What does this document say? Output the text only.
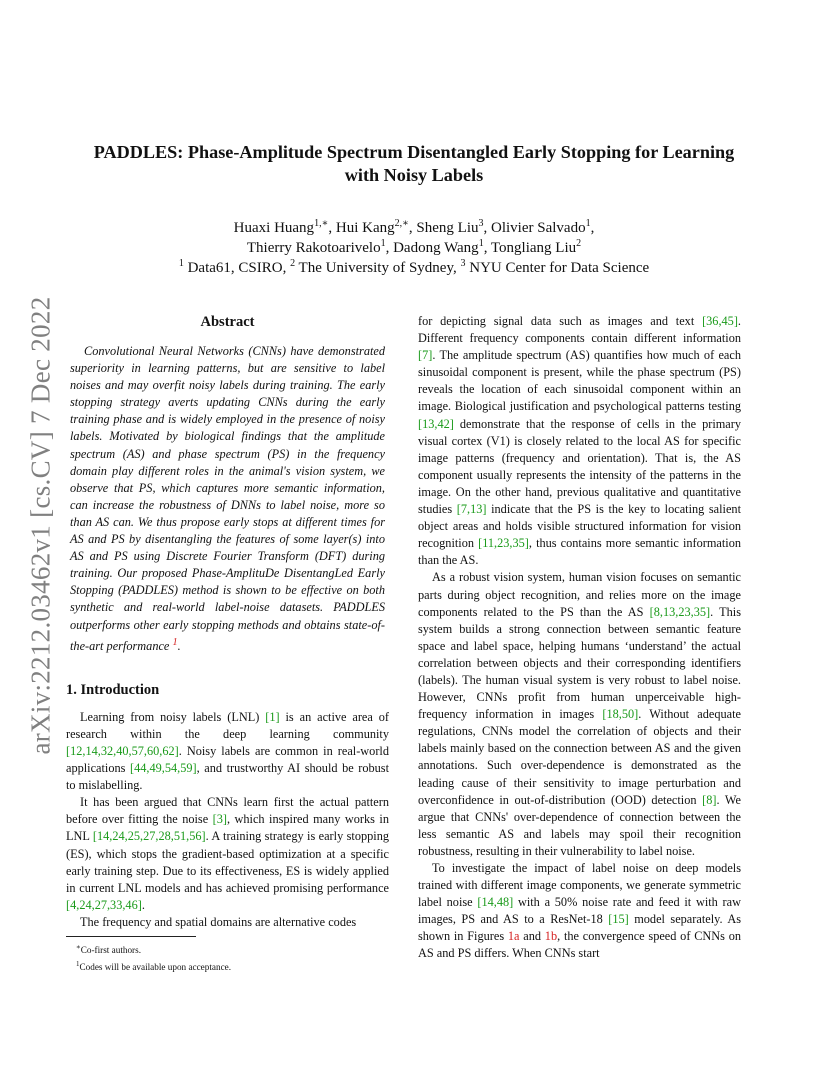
arXiv:2212.03462v1 [cs.CV] 7 Dec 2022
PADDLES: Phase-Amplitude Spectrum Disentangled Early Stopping for Learning with Noisy Labels
Huaxi Huang$^{1,∗}$, Hui Kang$^{2,∗}$, Sheng Liu$^3$, Olivier Salvado$^1$,
Thierry Rakotoarivelo$^1$, Dadong Wang$^1$, Tongliang Liu$^2$
$^1$ Data61, CSIRO, $^2$ The University of Sydney, $^3$ NYU Center for Data Science
Abstract

Convolutional Neural Networks (CNNs) have demonstrated superiority in learning patterns, but are sensitive to label noises and may overfit noisy labels during training. The early stopping strategy averts updating CNNs during the early training phase and is widely employed in the presence of noisy labels. Motivated by biological findings that the amplitude spectrum (AS) and phase spectrum (PS) in the frequency domain play different roles in the animal's vision system, we observe that PS, which captures more semantic information, can increase the robustness of DNNs to label noise, more so than AS can. We thus propose early stops at different times for AS and PS by disentangling the features of some layer(s) into AS and PS using Discrete Fourier Transform (DFT) during training. Our proposed Phase-AmplituDe DisentangLed Early Stopping (PADDLES) method is shown to be effective on both synthetic and real-world label-noise datasets. PADDLES outperforms other early stopping methods and obtains state-of-the-art performance $^1$.

1. Introduction

Learning from noisy labels (LNL) [1] is an active area of research within the deep learning community [12,14,32,40,57,60,62]. Noisy labels are common in real-world applications [44,49,54,59], and trustworthy AI should be robust to mislabelling.

It has been argued that CNNs learn first the actual pattern before over fitting the noise [3], which inspired many works in LNL [14,24,25,27,28,51,56]. A training strategy is early stopping (ES), which stops the gradient-based optimization at a specific early training step. Due to its effectiveness, ES is widely applied in current LNL models and has achieved promising performance [4,24,27,33,46].

The frequency and spatial domains are alternative codes

∗Co-first authors.

$^1$Codes will be available upon acceptance.

for depicting signal data such as images and text [36,45]. Different frequency components contain different information [7]. The amplitude spectrum (AS) quantifies how much of each sinusoidal component is present, while the phase spectrum (PS) reveals the location of each sinusoidal component within an image. Biological justification and psychological patterns testing [13,42] demonstrate that the response of cells in the primary visual cortex (V1) is closely related to the local AS for specific image patterns (frequency and orientation). That is, the AS component usually represents the intensity of the patterns in the image. On the other hand, previous qualitative and quantitative studies [7,13] indicate that the PS is the key to locating salient object areas and holds visible structured information for vision recognition [11,23,35], thus contains more semantic information than the AS.

As a robust vision system, human vision focuses on semantic parts during object recognition, and relies more on the image components related to the PS than the AS [8,13,23,35]. This system builds a strong connection between semantic feature space and label space, helping humans ‘understand’ the actual correlation between objects and their corresponding identifiers (labels). The human visual system is very robust to label noise. However, CNNs profit from human unperceivable high-frequency information in images [18,50]. Without adequate regulations, CNNs model the correlation of objects and their labels mainly based on the connection between AS and the given annotations. Such over-dependence is demonstrated as the leading cause of their sensitivity to image perturbation and overconfidence in out-of-distribution (OOD) detection [8]. We argue that CNNs' over-dependence of connection between the less semantic AS and labels may spoil their recognition robustness, resulting in their vulnerability to label noise.

To investigate the impact of label noise on deep models trained with different image components, we generate symmetric label noise [14,48] with a 50% noise rate and feed it with raw images, PS and AS to a ResNet-18 [15] model separately. As shown in Figures 1a and 1b, the convergence speed of CNNs on AS and PS differs. When CNNs start
